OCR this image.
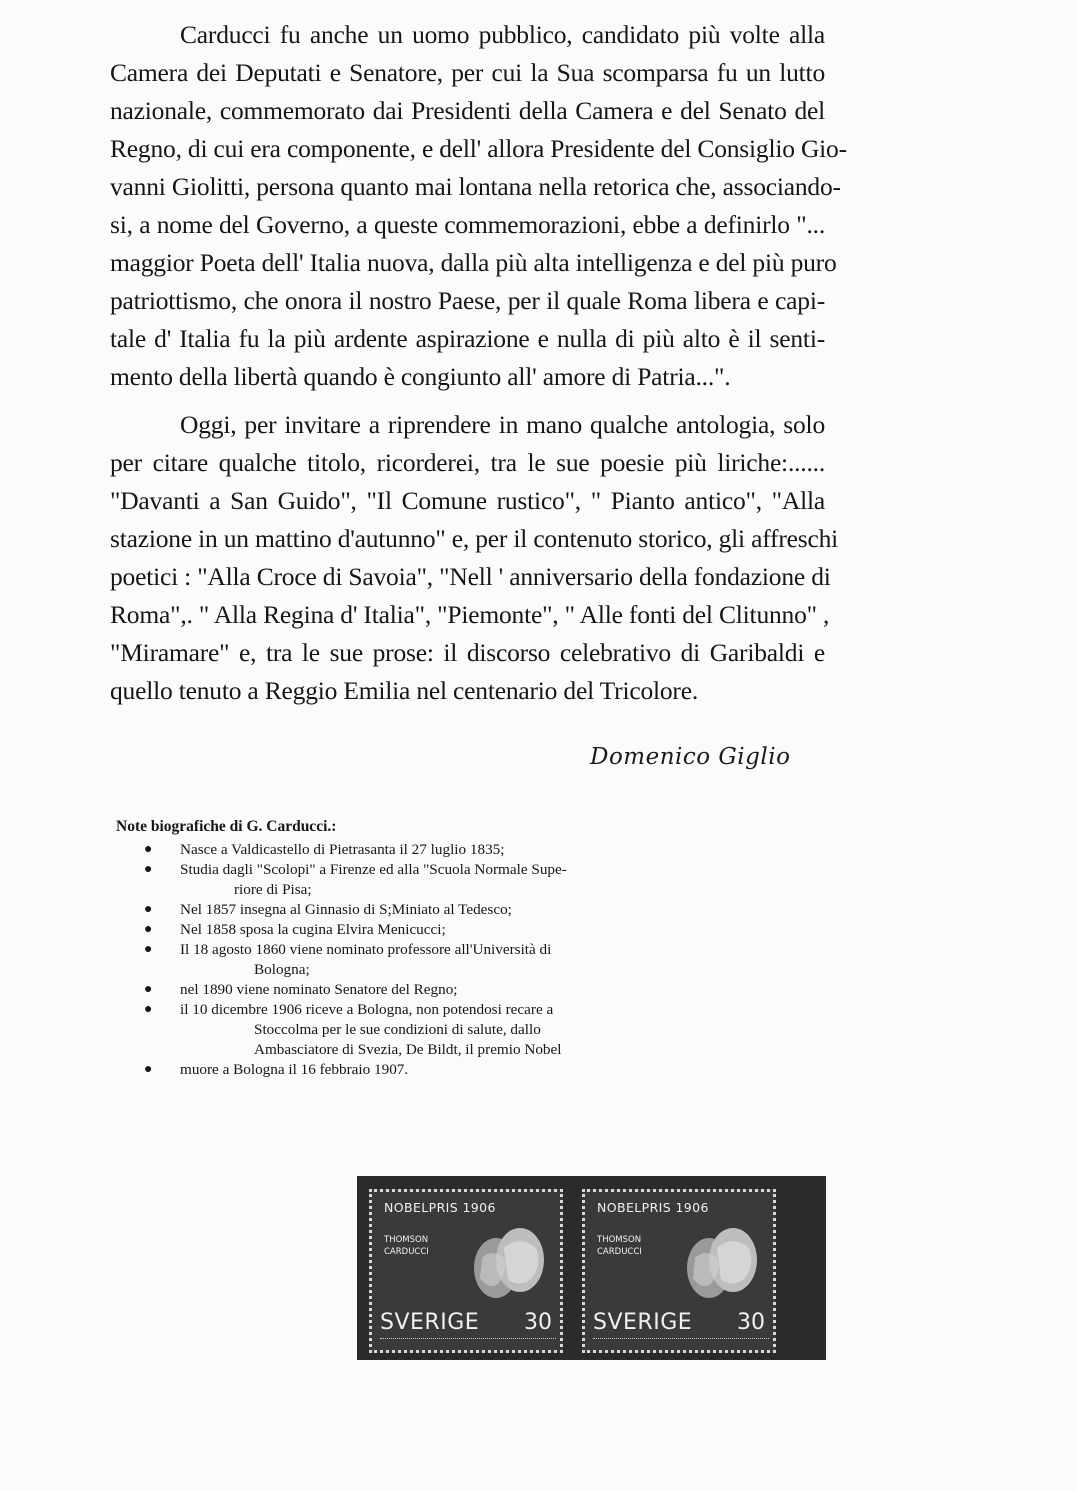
Carducci fu anche un uomo pubblico, candidato più volte alla
Camera dei Deputati e Senatore, per cui la Sua scomparsa fu un lutto
nazionale, commemorato dai Presidenti della Camera e del Senato del
Regno, di cui era componente, e dell' allora Presidente del Consiglio Gio-
vanni Giolitti, persona quanto mai lontana nella retorica che, associando-
si, a nome del Governo, a queste commemorazioni, ebbe a definirlo "...
maggior Poeta dell' Italia nuova, dalla più alta intelligenza e del più puro
patriottismo, che onora il nostro Paese, per il quale Roma libera e capi-
tale d' Italia fu la più ardente aspirazione e nulla di più alto è il senti-
mento della libertà quando è congiunto all' amore di Patria...".
Oggi, per invitare a riprendere in mano qualche antologia, solo
per citare qualche titolo, ricorderei, tra le sue poesie più liriche:......
"Davanti a San Guido", "Il Comune rustico", " Pianto antico", "Alla
stazione in un mattino d'autunno" e, per il contenuto storico, gli affreschi
poetici : "Alla Croce di Savoia", "Nell ' anniversario della fondazione di
Roma",. " Alla Regina d' Italia", "Piemonte", " Alle fonti del Clitunno" ,
"Miramare" e, tra le sue prose: il discorso celebrativo di Garibaldi e
quello tenuto a Reggio Emilia nel centenario del Tricolore.
Domenico Giglio
Note biografiche di G. Carducci.:
● Nasce a Valdicastello di Pietrasanta il 27 luglio 1835;
● Studia dagli "Scolopi" a Firenze ed alla "Scuola Normale Supe-
riore di Pisa;
● Nel 1857 insegna al Ginnasio di S;Miniato al Tedesco;
● Nel 1858 sposa la cugina Elvira Menicucci;
● Il 18 agosto 1860 viene nominato professore all'Università di
Bologna;
● nel 1890 viene nominato Senatore del Regno;
● il 10 dicembre 1906 riceve a Bologna, non potendosi recare a
Stoccolma per le sue condizioni di salute, dallo
Ambasciatore di Svezia, De Bildt, il premio Nobel
● muore a Bologna il 16 febbraio 1907.
NOBELPRIS 1906
THOMSON
CARDUCCI
SVERIGE 30
NOBELPRIS 1906
THOMSON
CARDUCCI
SVERIGE 30
